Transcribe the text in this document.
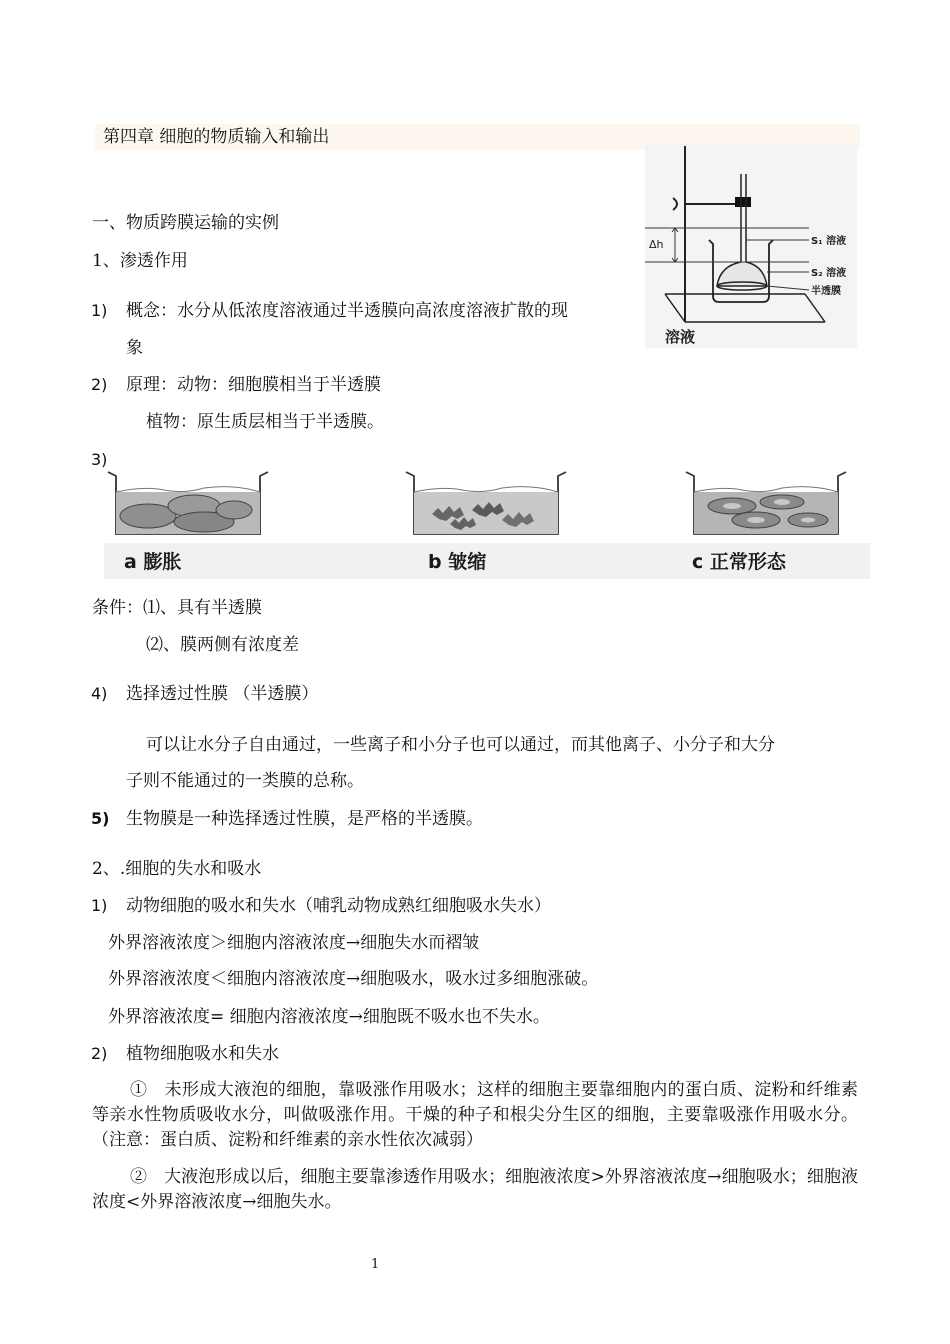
第四章 细胞的物质输入和输出
Δh	S₁ 溶液
S₂ 溶液
半透膜
溶液
一、物质跨膜运输的实例
1、渗透作用
1) 概念：水分从低浓度溶液通过半透膜向高浓度溶液扩散的现
象
2) 原理：动物：细胞膜相当于半透膜
植物：原生质层相当于半透膜。
3)
a 膨胀	b 皱缩	c 正常形态
条件：⑴、具有半透膜
⑵、膜两侧有浓度差
4) 选择透过性膜 （半透膜）
可以让水分子自由通过，一些离子和小分子也可以通过，而其他离子、小分子和大分
子则不能通过的一类膜的总称。
5) 生物膜是一种选择透过性膜，是严格的半透膜。
2、.细胞的失水和吸水
1) 动物细胞的吸水和失水（哺乳动物成熟红细胞吸水失水）
外界溶液浓度＞细胞内溶液浓度→细胞失水而褶皱
外界溶液浓度＜细胞内溶液浓度→细胞吸水，吸水过多细胞涨破。
外界溶液浓度= 细胞内溶液浓度→细胞既不吸水也不失水。
2) 植物细胞吸水和失水
①　未形成大液泡的细胞，靠吸涨作用吸水；这样的细胞主要靠细胞内的蛋白质、淀粉和纤维素等亲水性物质吸收水分，叫做吸涨作用。干燥的种子和根尖分生区的细胞，主要靠吸涨作用吸水分。（注意：蛋白质、淀粉和纤维素的亲水性依次减弱）
②　大液泡形成以后，细胞主要靠渗透作用吸水；细胞液浓度>外界溶液浓度→细胞吸水；细胞液浓度<外界溶液浓度→细胞失水。
1
